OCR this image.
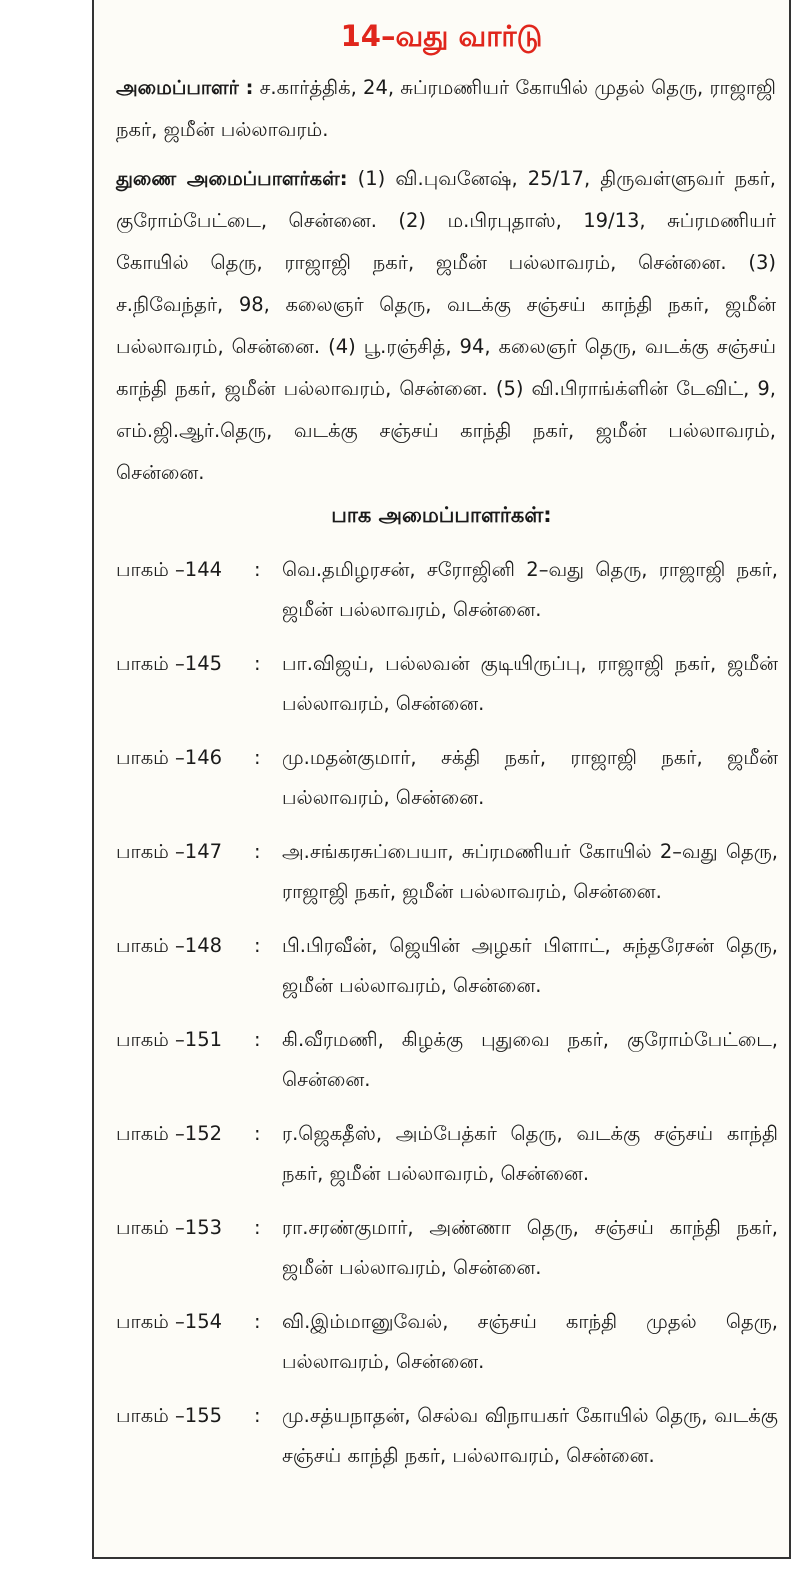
14–வது வார்டு

அமைப்பாளர் : ச.கார்த்திக், 24, சுப்ரமணியர் கோயில் முதல் தெரு, ராஜாஜி நகர், ஜமீன் பல்லாவரம்.

துணை அமைப்பாளர்கள்: (1) வி.புவனேஷ், 25/17, திருவள்ளுவர் நகர், குரோம்பேட்டை, சென்னை. (2) ம.பிரபுதாஸ், 19/13, சுப்ரமணியர் கோயில் தெரு, ராஜாஜி நகர், ஜமீன் பல்லாவரம், சென்னை. (3) ச.நிவேந்தர், 98, கலைஞர் தெரு, வடக்கு சஞ்சய் காந்தி நகர், ஜமீன் பல்லாவரம், சென்னை. (4) பூ.ரஞ்சித், 94, கலைஞர் தெரு, வடக்கு சஞ்சய் காந்தி நகர், ஜமீன் பல்லாவரம், சென்னை. (5) வி.பிராங்க்ளின் டேவிட், 9, எம்.ஜி.ஆர்.தெரு, வடக்கு சஞ்சய் காந்தி நகர், ஜமீன் பல்லாவரம், சென்னை.

பாக அமைப்பாளர்கள்:
பாகம் –144	:	வெ.தமிழரசன், சரோஜினி 2–வது தெரு, ராஜாஜி நகர், ஜமீன் பல்லாவரம், சென்னை.
பாகம் –145	:	பா.விஜய், பல்லவன் குடியிருப்பு, ராஜாஜி நகர், ஜமீன் பல்லாவரம், சென்னை.
பாகம் –146	:	மு.மதன்குமார், சக்தி நகர், ராஜாஜி நகர், ஜமீன் பல்லாவரம், சென்னை.
பாகம் –147	:	அ.சங்கரசுப்பையா, சுப்ரமணியர் கோயில் 2–வது தெரு, ராஜாஜி நகர், ஜமீன் பல்லாவரம், சென்னை.
பாகம் –148	:	பி.பிரவீன், ஜெயின் அழகர் பிளாட், சுந்தரேசன் தெரு, ஜமீன் பல்லாவரம், சென்னை.
பாகம் –151	:	கி.வீரமணி, கிழக்கு புதுவை நகர், குரோம்பேட்டை, சென்னை.
பாகம் –152	:	ர.ஜெகதீஸ், அம்பேத்கர் தெரு, வடக்கு சஞ்சய் காந்தி நகர், ஜமீன் பல்லாவரம், சென்னை.
பாகம் –153	:	ரா.சரண்குமார், அண்ணா தெரு, சஞ்சய் காந்தி நகர், ஜமீன் பல்லாவரம், சென்னை.
பாகம் –154	:	வி.இம்மானுவேல், சஞ்சய் காந்தி முதல் தெரு, பல்லாவரம், சென்னை.
பாகம் –155	:	மு.சத்யநாதன், செல்வ விநாயகர் கோயில் தெரு, வடக்கு சஞ்சய் காந்தி நகர், பல்லாவரம், சென்னை.
